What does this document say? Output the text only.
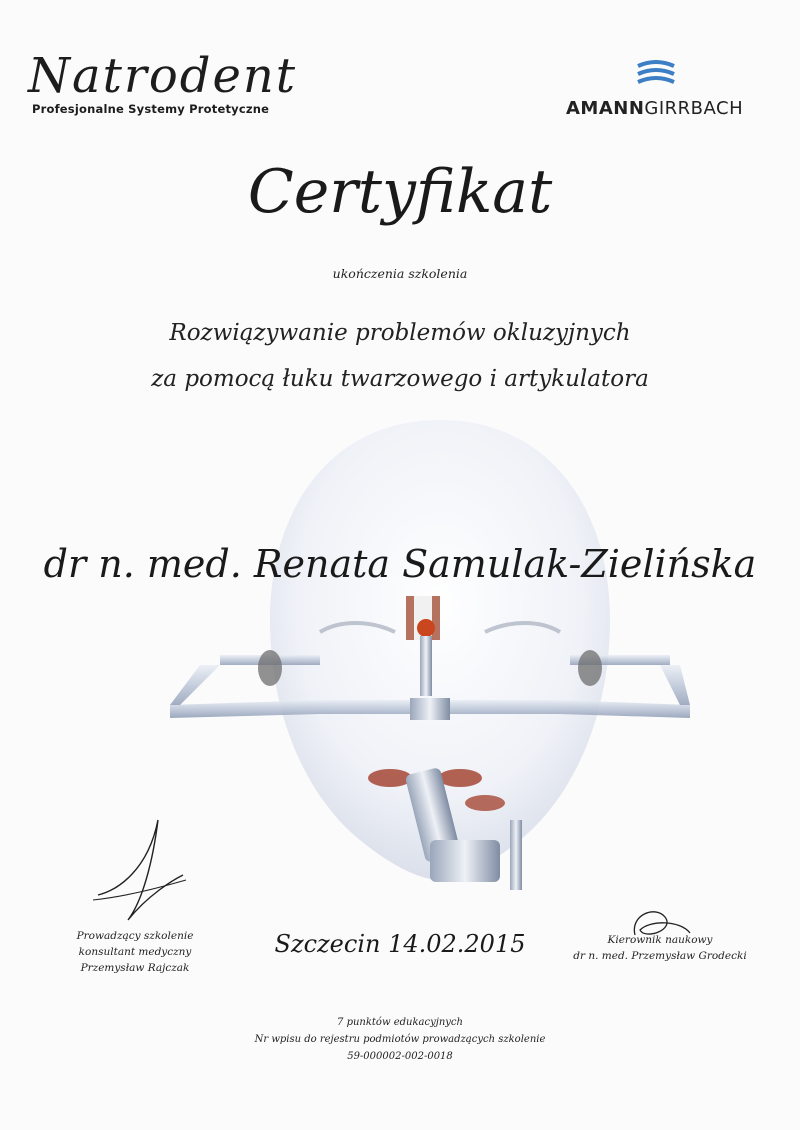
Natrodent
Profesjonalne Systemy Protetyczne	AMANNGIRRBACH
Certyfikat
ukończenia szkolenia
Rozwiązywanie problemów okluzyjnych
za pomocą łuku twarzowego i artykulatora
dr n. med. Renata Samulak-Zielińska
Prowadzący szkolenie
konsultant medyczny
Przemysław Rajczak
Szczecin 14.02.2015	Kierownik naukowy
dr n. med. Przemysław Grodecki
7 punktów edukacyjnych
Nr wpisu do rejestru podmiotów prowadzących szkolenie
59-000002-002-0018
